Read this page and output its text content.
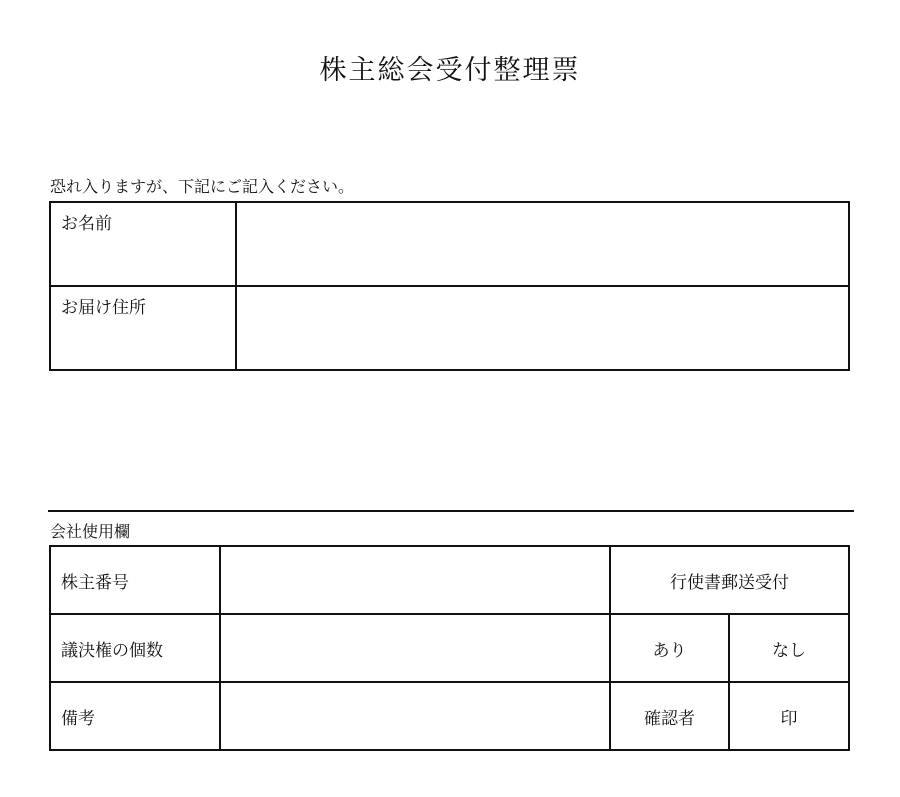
株主総会受付整理票
恐れ入りますが、下記にご記入ください。
お名前	
お届け住所	
会社使用欄
株主番号		行使書郵送受付	
議決権の個数		あり	なし
備考		確認者	印
